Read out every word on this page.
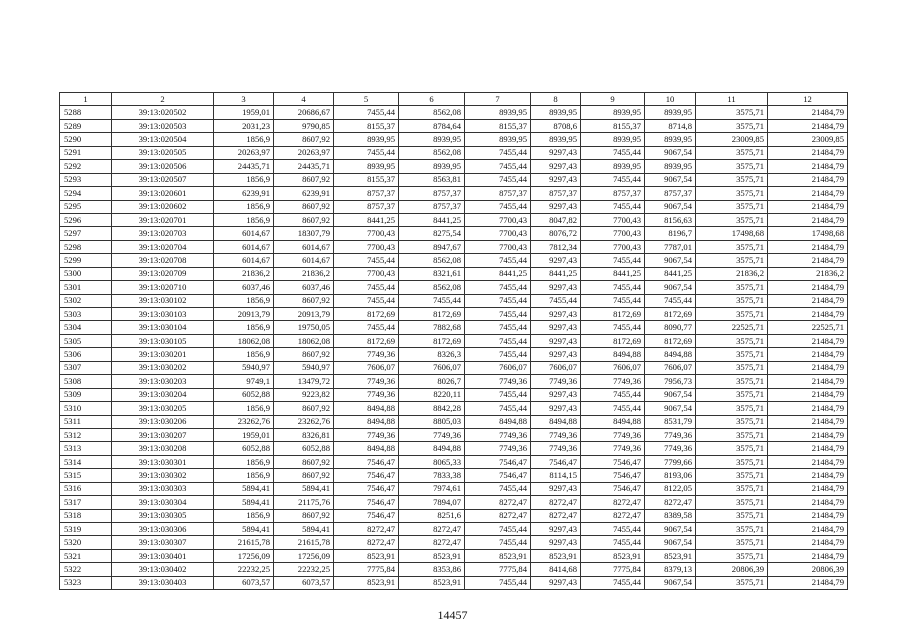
1	2	3	4	5	6	7	8	9	10	11	12
5288	39:13:020502	1959,01	20686,67	7455,44	8562,08	8939,95	8939,95	8939,95	8939,95	3575,71	21484,79
5289	39:13:020503	2031,23	9790,85	8155,37	8784,64	8155,37	8708,6	8155,37	8714,8	3575,71	21484,79
5290	39:13:020504	1856,9	8607,92	8939,95	8939,95	8939,95	8939,95	8939,95	8939,95	23009,85	23009,85
5291	39:13:020505	20263,97	20263,97	7455,44	8562,08	7455,44	9297,43	7455,44	9067,54	3575,71	21484,79
5292	39:13:020506	24435,71	24435,71	8939,95	8939,95	7455,44	9297,43	8939,95	8939,95	3575,71	21484,79
5293	39:13:020507	1856,9	8607,92	8155,37	8563,81	7455,44	9297,43	7455,44	9067,54	3575,71	21484,79
5294	39:13:020601	6239,91	6239,91	8757,37	8757,37	8757,37	8757,37	8757,37	8757,37	3575,71	21484,79
5295	39:13:020602	1856,9	8607,92	8757,37	8757,37	7455,44	9297,43	7455,44	9067,54	3575,71	21484,79
5296	39:13:020701	1856,9	8607,92	8441,25	8441,25	7700,43	8047,82	7700,43	8156,63	3575,71	21484,79
5297	39:13:020703	6014,67	18307,79	7700,43	8275,54	7700,43	8076,72	7700,43	8196,7	17498,68	17498,68
5298	39:13:020704	6014,67	6014,67	7700,43	8947,67	7700,43	7812,34	7700,43	7787,01	3575,71	21484,79
5299	39:13:020708	6014,67	6014,67	7455,44	8562,08	7455,44	9297,43	7455,44	9067,54	3575,71	21484,79
5300	39:13:020709	21836,2	21836,2	7700,43	8321,61	8441,25	8441,25	8441,25	8441,25	21836,2	21836,2
5301	39:13:020710	6037,46	6037,46	7455,44	8562,08	7455,44	9297,43	7455,44	9067,54	3575,71	21484,79
5302	39:13:030102	1856,9	8607,92	7455,44	7455,44	7455,44	7455,44	7455,44	7455,44	3575,71	21484,79
5303	39:13:030103	20913,79	20913,79	8172,69	8172,69	7455,44	9297,43	8172,69	8172,69	3575,71	21484,79
5304	39:13:030104	1856,9	19750,05	7455,44	7882,68	7455,44	9297,43	7455,44	8090,77	22525,71	22525,71
5305	39:13:030105	18062,08	18062,08	8172,69	8172,69	7455,44	9297,43	8172,69	8172,69	3575,71	21484,79
5306	39:13:030201	1856,9	8607,92	7749,36	8326,3	7455,44	9297,43	8494,88	8494,88	3575,71	21484,79
5307	39:13:030202	5940,97	5940,97	7606,07	7606,07	7606,07	7606,07	7606,07	7606,07	3575,71	21484,79
5308	39:13:030203	9749,1	13479,72	7749,36	8026,7	7749,36	7749,36	7749,36	7956,73	3575,71	21484,79
5309	39:13:030204	6052,88	9223,82	7749,36	8220,11	7455,44	9297,43	7455,44	9067,54	3575,71	21484,79
5310	39:13:030205	1856,9	8607,92	8494,88	8842,28	7455,44	9297,43	7455,44	9067,54	3575,71	21484,79
5311	39:13:030206	23262,76	23262,76	8494,88	8805,03	8494,88	8494,88	8494,88	8531,79	3575,71	21484,79
5312	39:13:030207	1959,01	8326,81	7749,36	7749,36	7749,36	7749,36	7749,36	7749,36	3575,71	21484,79
5313	39:13:030208	6052,88	6052,88	8494,88	8494,88	7749,36	7749,36	7749,36	7749,36	3575,71	21484,79
5314	39:13:030301	1856,9	8607,92	7546,47	8065,33	7546,47	7546,47	7546,47	7799,66	3575,71	21484,79
5315	39:13:030302	1856,9	8607,92	7546,47	7833,38	7546,47	8114,15	7546,47	8193,06	3575,71	21484,79
5316	39:13:030303	5894,41	5894,41	7546,47	7974,61	7455,44	9297,43	7546,47	8122,05	3575,71	21484,79
5317	39:13:030304	5894,41	21175,76	7546,47	7894,07	8272,47	8272,47	8272,47	8272,47	3575,71	21484,79
5318	39:13:030305	1856,9	8607,92	7546,47	8251,6	8272,47	8272,47	8272,47	8389,58	3575,71	21484,79
5319	39:13:030306	5894,41	5894,41	8272,47	8272,47	7455,44	9297,43	7455,44	9067,54	3575,71	21484,79
5320	39:13:030307	21615,78	21615,78	8272,47	8272,47	7455,44	9297,43	7455,44	9067,54	3575,71	21484,79
5321	39:13:030401	17256,09	17256,09	8523,91	8523,91	8523,91	8523,91	8523,91	8523,91	3575,71	21484,79
5322	39:13:030402	22232,25	22232,25	7775,84	8353,86	7775,84	8414,68	7775,84	8379,13	20806,39	20806,39
5323	39:13:030403	6073,57	6073,57	8523,91	8523,91	7455,44	9297,43	7455,44	9067,54	3575,71	21484,79
14457
